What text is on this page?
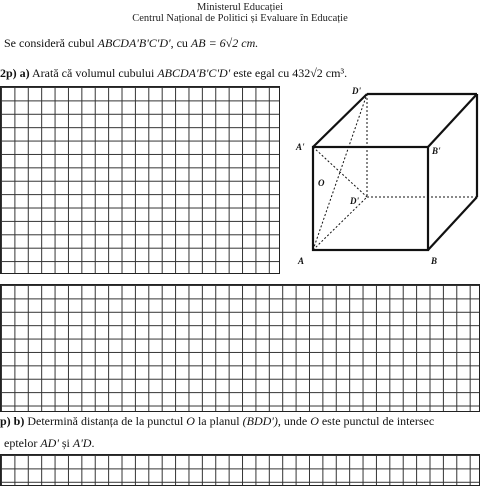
Ministerul Educației
Centrul Național de Politici și Evaluare în Educație
Se consideră cubul ABCDA'B'C'D', cu AB = 6√2 cm.
2p) a) Arată că volumul cubului ABCDA'B'C'D' este egal cu 432√2 cm³.
D'
A'	B'
O
D'
A	B
p) b) Determină distanța de la punctul O la planul (BDD'), unde O este punctul de intersec
eptelor AD' și A'D.
